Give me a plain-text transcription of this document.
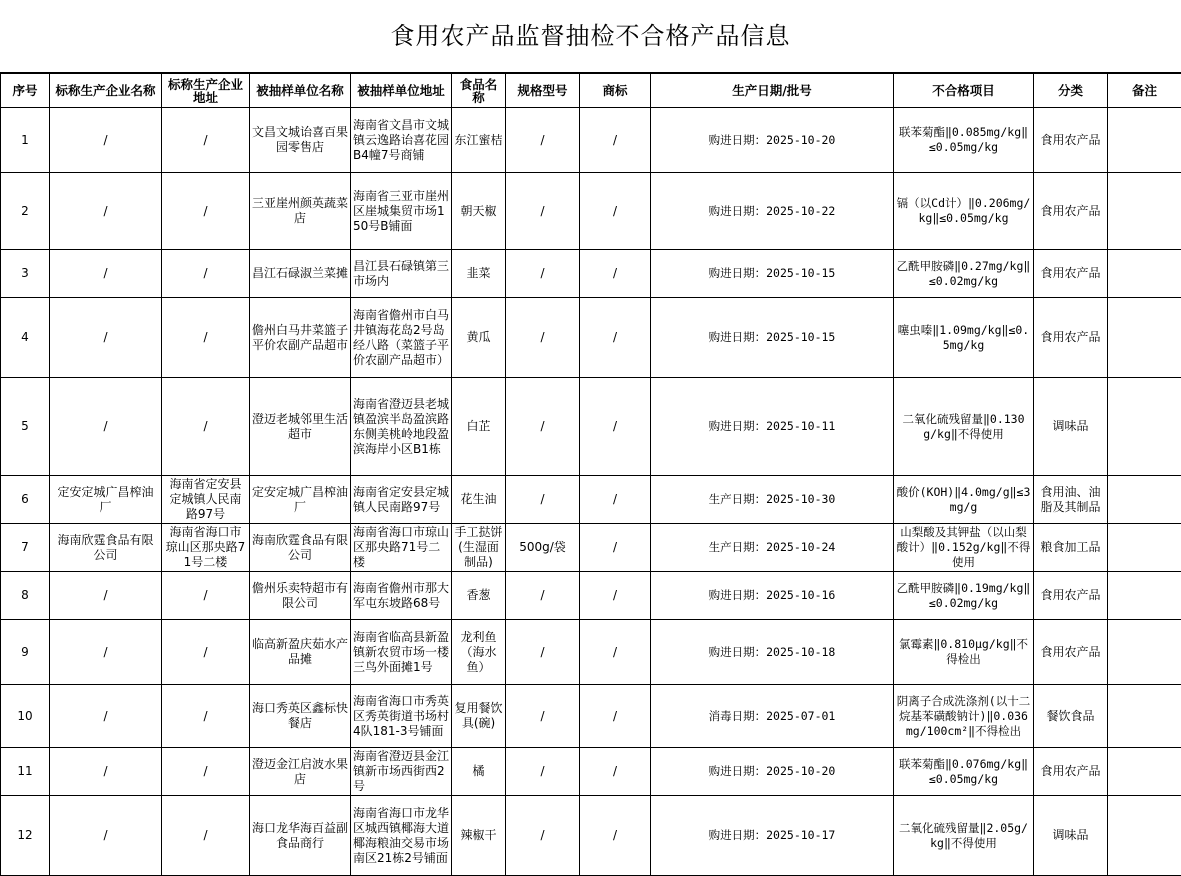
食用农产品监督抽检不合格产品信息
序号	标称生产企业名称	标称生产企业地址	被抽样单位名称	被抽样单位地址	食品名称	规格型号	商标	生产日期/批号	不合格项目	分类	备注
1	/	/	文昌文城诒喜百果园零售店	海南省文昌市文城镇云逸路诒喜花园B4幢7号商铺	东江蜜桔	/	/	购进日期：2025-10-20	联苯菊酯‖0.085mg/kg‖≤0.05mg/kg	食用农产品	
2	/	/	三亚崖州颜英蔬菜店	海南省三亚市崖州区崖城集贸市场150号B铺面	朝天椒	/	/	购进日期：2025-10-22	镉（以Cd计）‖0.206mg/kg‖≤0.05mg/kg	食用农产品	
3	/	/	昌江石碌淑兰菜摊	昌江县石碌镇第三市场内	韭菜	/	/	购进日期：2025-10-15	乙酰甲胺磷‖0.27mg/kg‖≤0.02mg/kg	食用农产品	
4	/	/	儋州白马井菜篮子平价农副产品超市	海南省儋州市白马井镇海花岛2号岛经八路（菜篮子平价农副产品超市）	黄瓜	/	/	购进日期：2025-10-15	噻虫嗪‖1.09mg/kg‖≤0.5mg/kg	食用农产品	
5	/	/	澄迈老城邻里生活超市	海南省澄迈县老城镇盈滨半岛盈滨路东侧美桃岭地段盈滨海岸小区B1栋	白芷	/	/	购进日期：2025-10-11	二氧化硫残留量‖0.130g/kg‖不得使用	调味品	
6	定安定城广昌榨油厂	海南省定安县定城镇人民南路97号	定安定城广昌榨油厂	海南省定安县定城镇人民南路97号	花生油	/	/	生产日期：2025-10-30	酸价(KOH)‖4.0mg/g‖≤3mg/g	食用油、油脂及其制品	
7	海南欣霆食品有限公司	海南省海口市琼山区那央路71号二楼	海南欣霆食品有限公司	海南省海口市琼山区那央路71号二楼	手工挞饼(生湿面制品)	500g/袋	/	生产日期：2025-10-24	山梨酸及其钾盐（以山梨酸计）‖0.152g/kg‖不得使用	粮食加工品	
8	/	/	儋州乐卖特超市有限公司	海南省儋州市那大军屯东坡路68号	香葱	/	/	购进日期：2025-10-16	乙酰甲胺磷‖0.19mg/kg‖≤0.02mg/kg	食用农产品	
9	/	/	临高新盈庆茹水产品摊	海南省临高县新盈镇新农贸市场一楼三鸟外面摊1号	龙利鱼（海水鱼）	/	/	购进日期：2025-10-18	氯霉素‖0.810μg/kg‖不得检出	食用农产品	
10	/	/	海口秀英区鑫标快餐店	海南省海口市秀英区秀英街道书场村4队181-3号铺面	复用餐饮具(碗)	/	/	消毒日期：2025-07-01	阴离子合成洗涤剂(以十二烷基苯磺酸钠计)‖0.036mg/100cm²‖不得检出	餐饮食品	
11	/	/	澄迈金江启波水果店	海南省澄迈县金江镇新市场西街西2号	橘	/	/	购进日期：2025-10-20	联苯菊酯‖0.076mg/kg‖≤0.05mg/kg	食用农产品	
12	/	/	海口龙华海百益副食品商行	海南省海口市龙华区城西镇椰海大道椰海粮油交易市场南区21栋2号铺面	辣椒干	/	/	购进日期：2025-10-17	二氧化硫残留量‖2.05g/kg‖不得使用	调味品	
